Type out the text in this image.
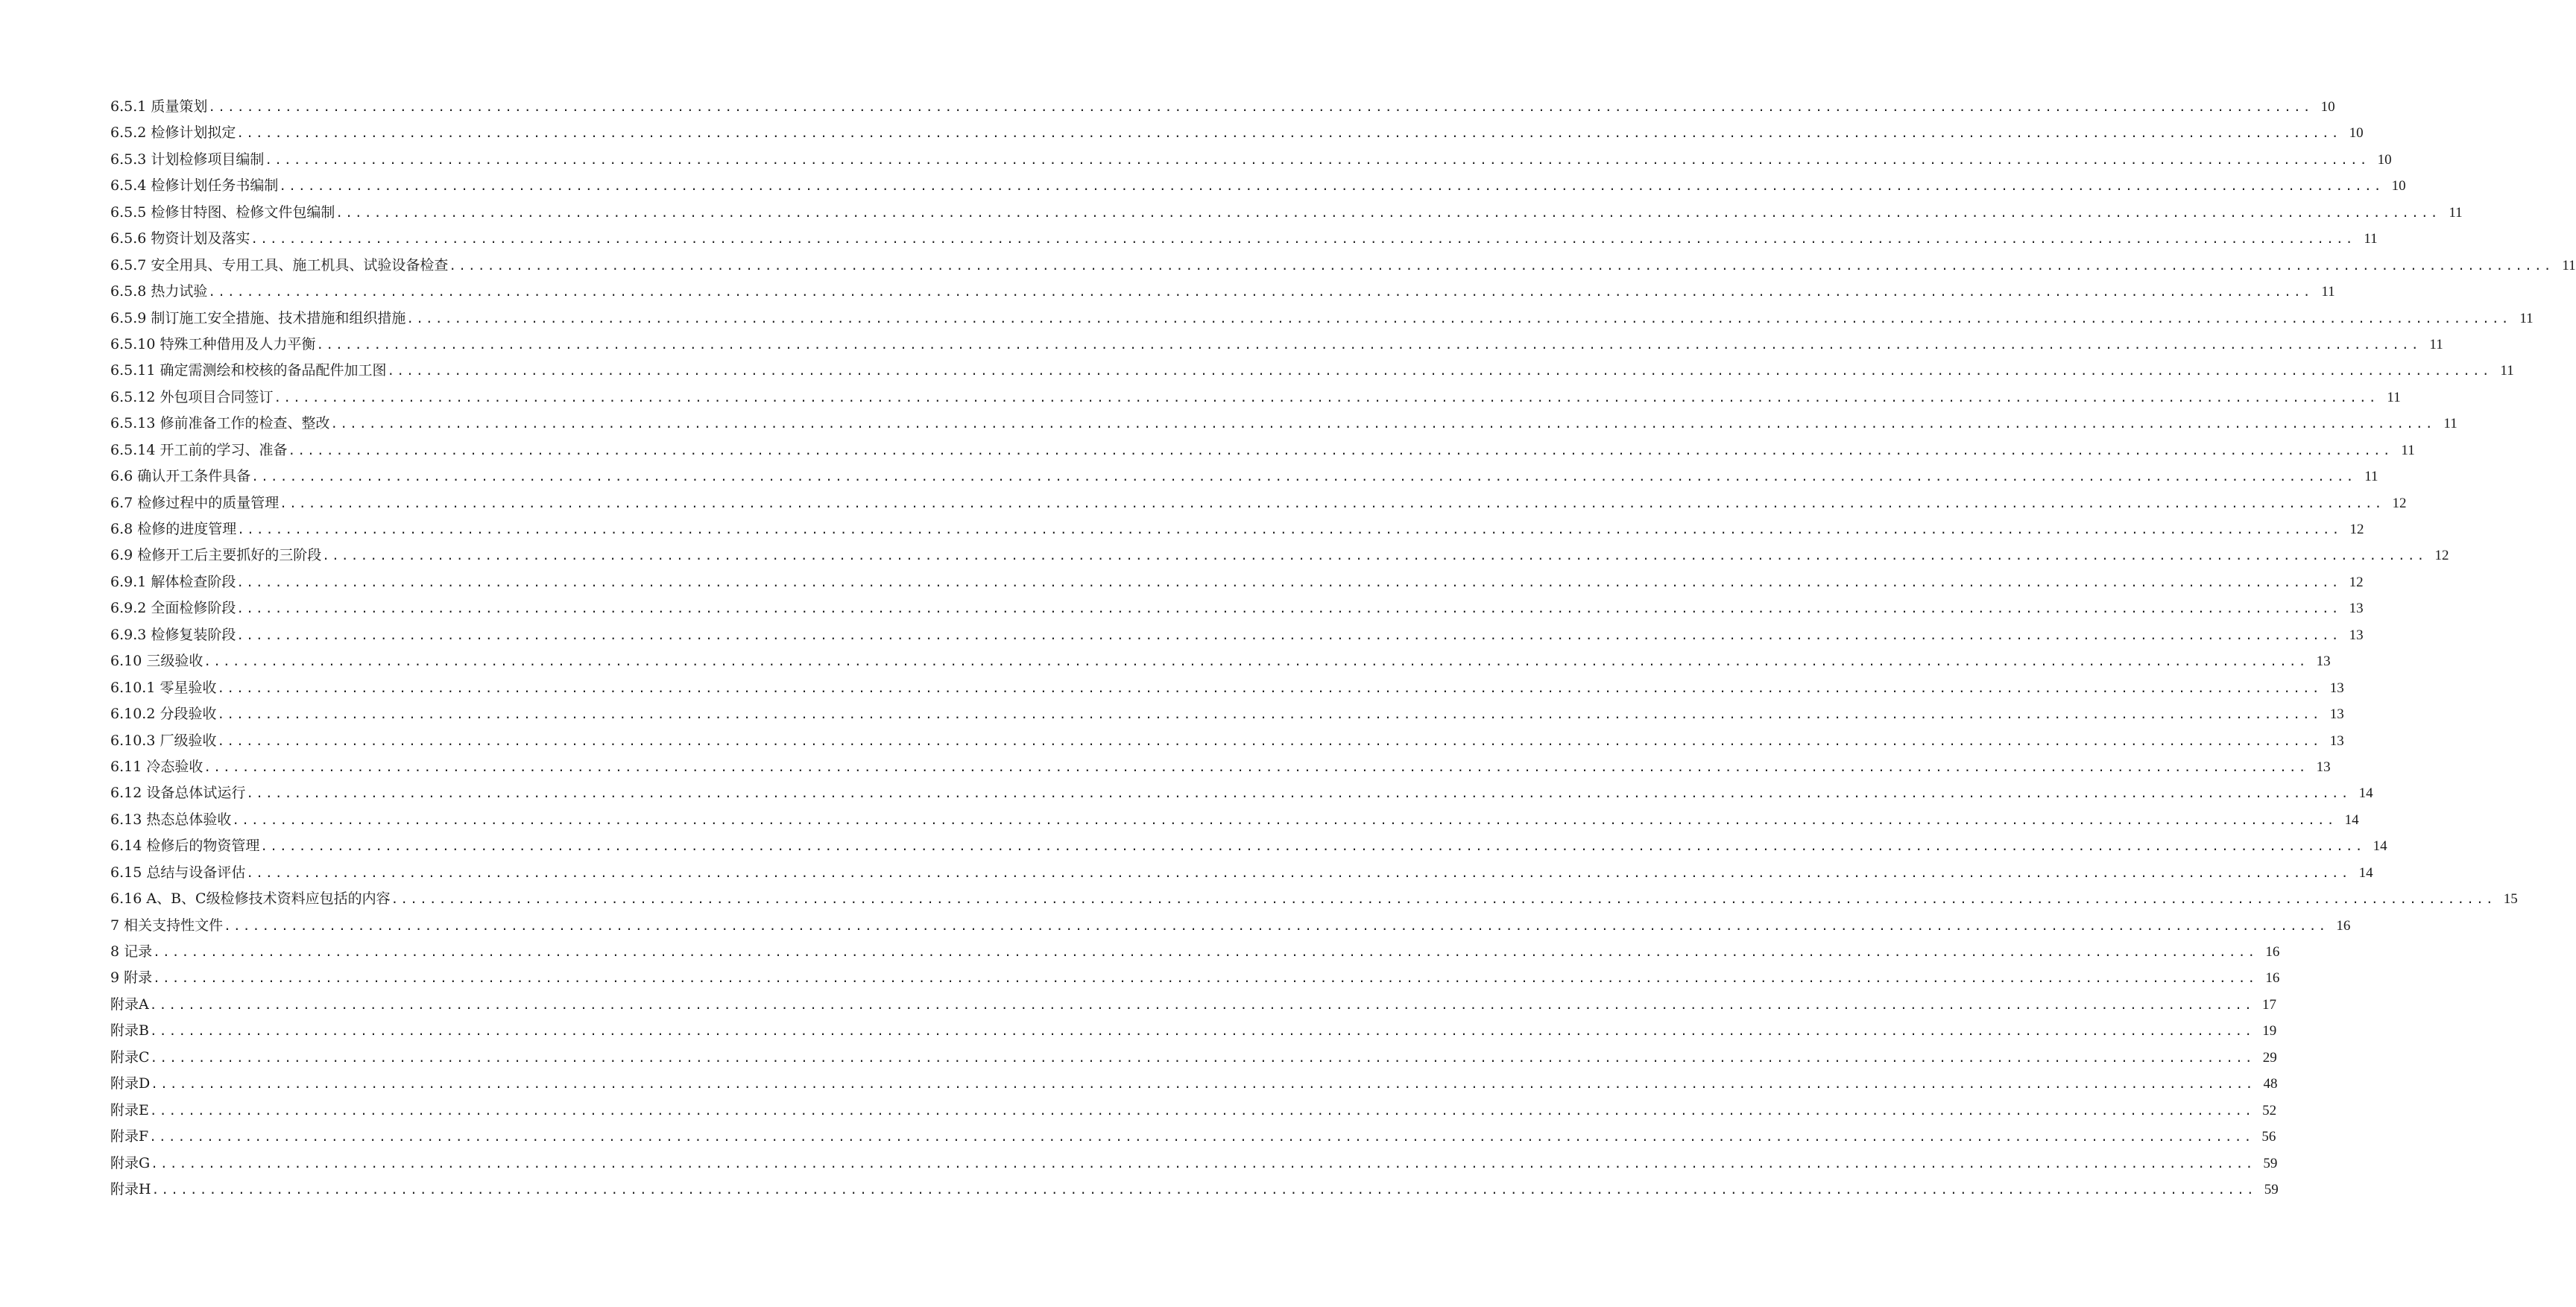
6.5.1 质量策划 ............................................................................................................................................................................................................................ 10
6.5.2 检修计划拟定 ............................................................................................................................................................................................................................ 10
6.5.3 计划检修项目编制 ............................................................................................................................................................................................................................ 10
6.5.4 检修计划任务书编制 ............................................................................................................................................................................................................................ 10
6.5.5 检修甘特图、检修文件包编制 ............................................................................................................................................................................................................................ 11
6.5.6 物资计划及落实 ............................................................................................................................................................................................................................ 11
6.5.7 安全用具、专用工具、施工机具、试验设备检查 ............................................................................................................................................................................................................................ 11
6.5.8 热力试验 ............................................................................................................................................................................................................................ 11
6.5.9 制订施工安全措施、技术措施和组织措施 ............................................................................................................................................................................................................................ 11
6.5.10 特殊工种借用及人力平衡 ............................................................................................................................................................................................................................ 11
6.5.11 确定需测绘和校核的备品配件加工图 ............................................................................................................................................................................................................................ 11
6.5.12 外包项目合同签订 ............................................................................................................................................................................................................................ 11
6.5.13 修前准备工作的检查、整改 ............................................................................................................................................................................................................................ 11
6.5.14 开工前的学习、准备 ............................................................................................................................................................................................................................ 11
6.6 确认开工条件具备 ............................................................................................................................................................................................................................ 11
6.7 检修过程中的质量管理 ............................................................................................................................................................................................................................ 12
6.8 检修的进度管理 ............................................................................................................................................................................................................................ 12
6.9 检修开工后主要抓好的三阶段 ............................................................................................................................................................................................................................ 12
6.9.1 解体检查阶段 ............................................................................................................................................................................................................................ 12
6.9.2 全面检修阶段 ............................................................................................................................................................................................................................ 13
6.9.3 检修复装阶段 ............................................................................................................................................................................................................................ 13
6.10 三级验收 ............................................................................................................................................................................................................................ 13
6.10.1 零星验收 ............................................................................................................................................................................................................................ 13
6.10.2 分段验收 ............................................................................................................................................................................................................................ 13
6.10.3 厂级验收 ............................................................................................................................................................................................................................ 13
6.11 冷态验收 ............................................................................................................................................................................................................................ 13
6.12 设备总体试运行 ............................................................................................................................................................................................................................ 14
6.13 热态总体验收 ............................................................................................................................................................................................................................ 14
6.14 检修后的物资管理 ............................................................................................................................................................................................................................ 14
6.15 总结与设备评估 ............................................................................................................................................................................................................................ 14
6.16 A、B、C级检修技术资料应包括的内容 ............................................................................................................................................................................................................................ 15
7 相关支持性文件 ............................................................................................................................................................................................................................ 16
8 记录 ............................................................................................................................................................................................................................ 16
9 附录 ............................................................................................................................................................................................................................ 16
附录A ............................................................................................................................................................................................................................ 17
附录B ............................................................................................................................................................................................................................ 19
附录C ............................................................................................................................................................................................................................ 29
附录D ............................................................................................................................................................................................................................ 48
附录E ............................................................................................................................................................................................................................ 52
附录F ............................................................................................................................................................................................................................ 56
附录G ............................................................................................................................................................................................................................ 59
附录H ............................................................................................................................................................................................................................ 59
